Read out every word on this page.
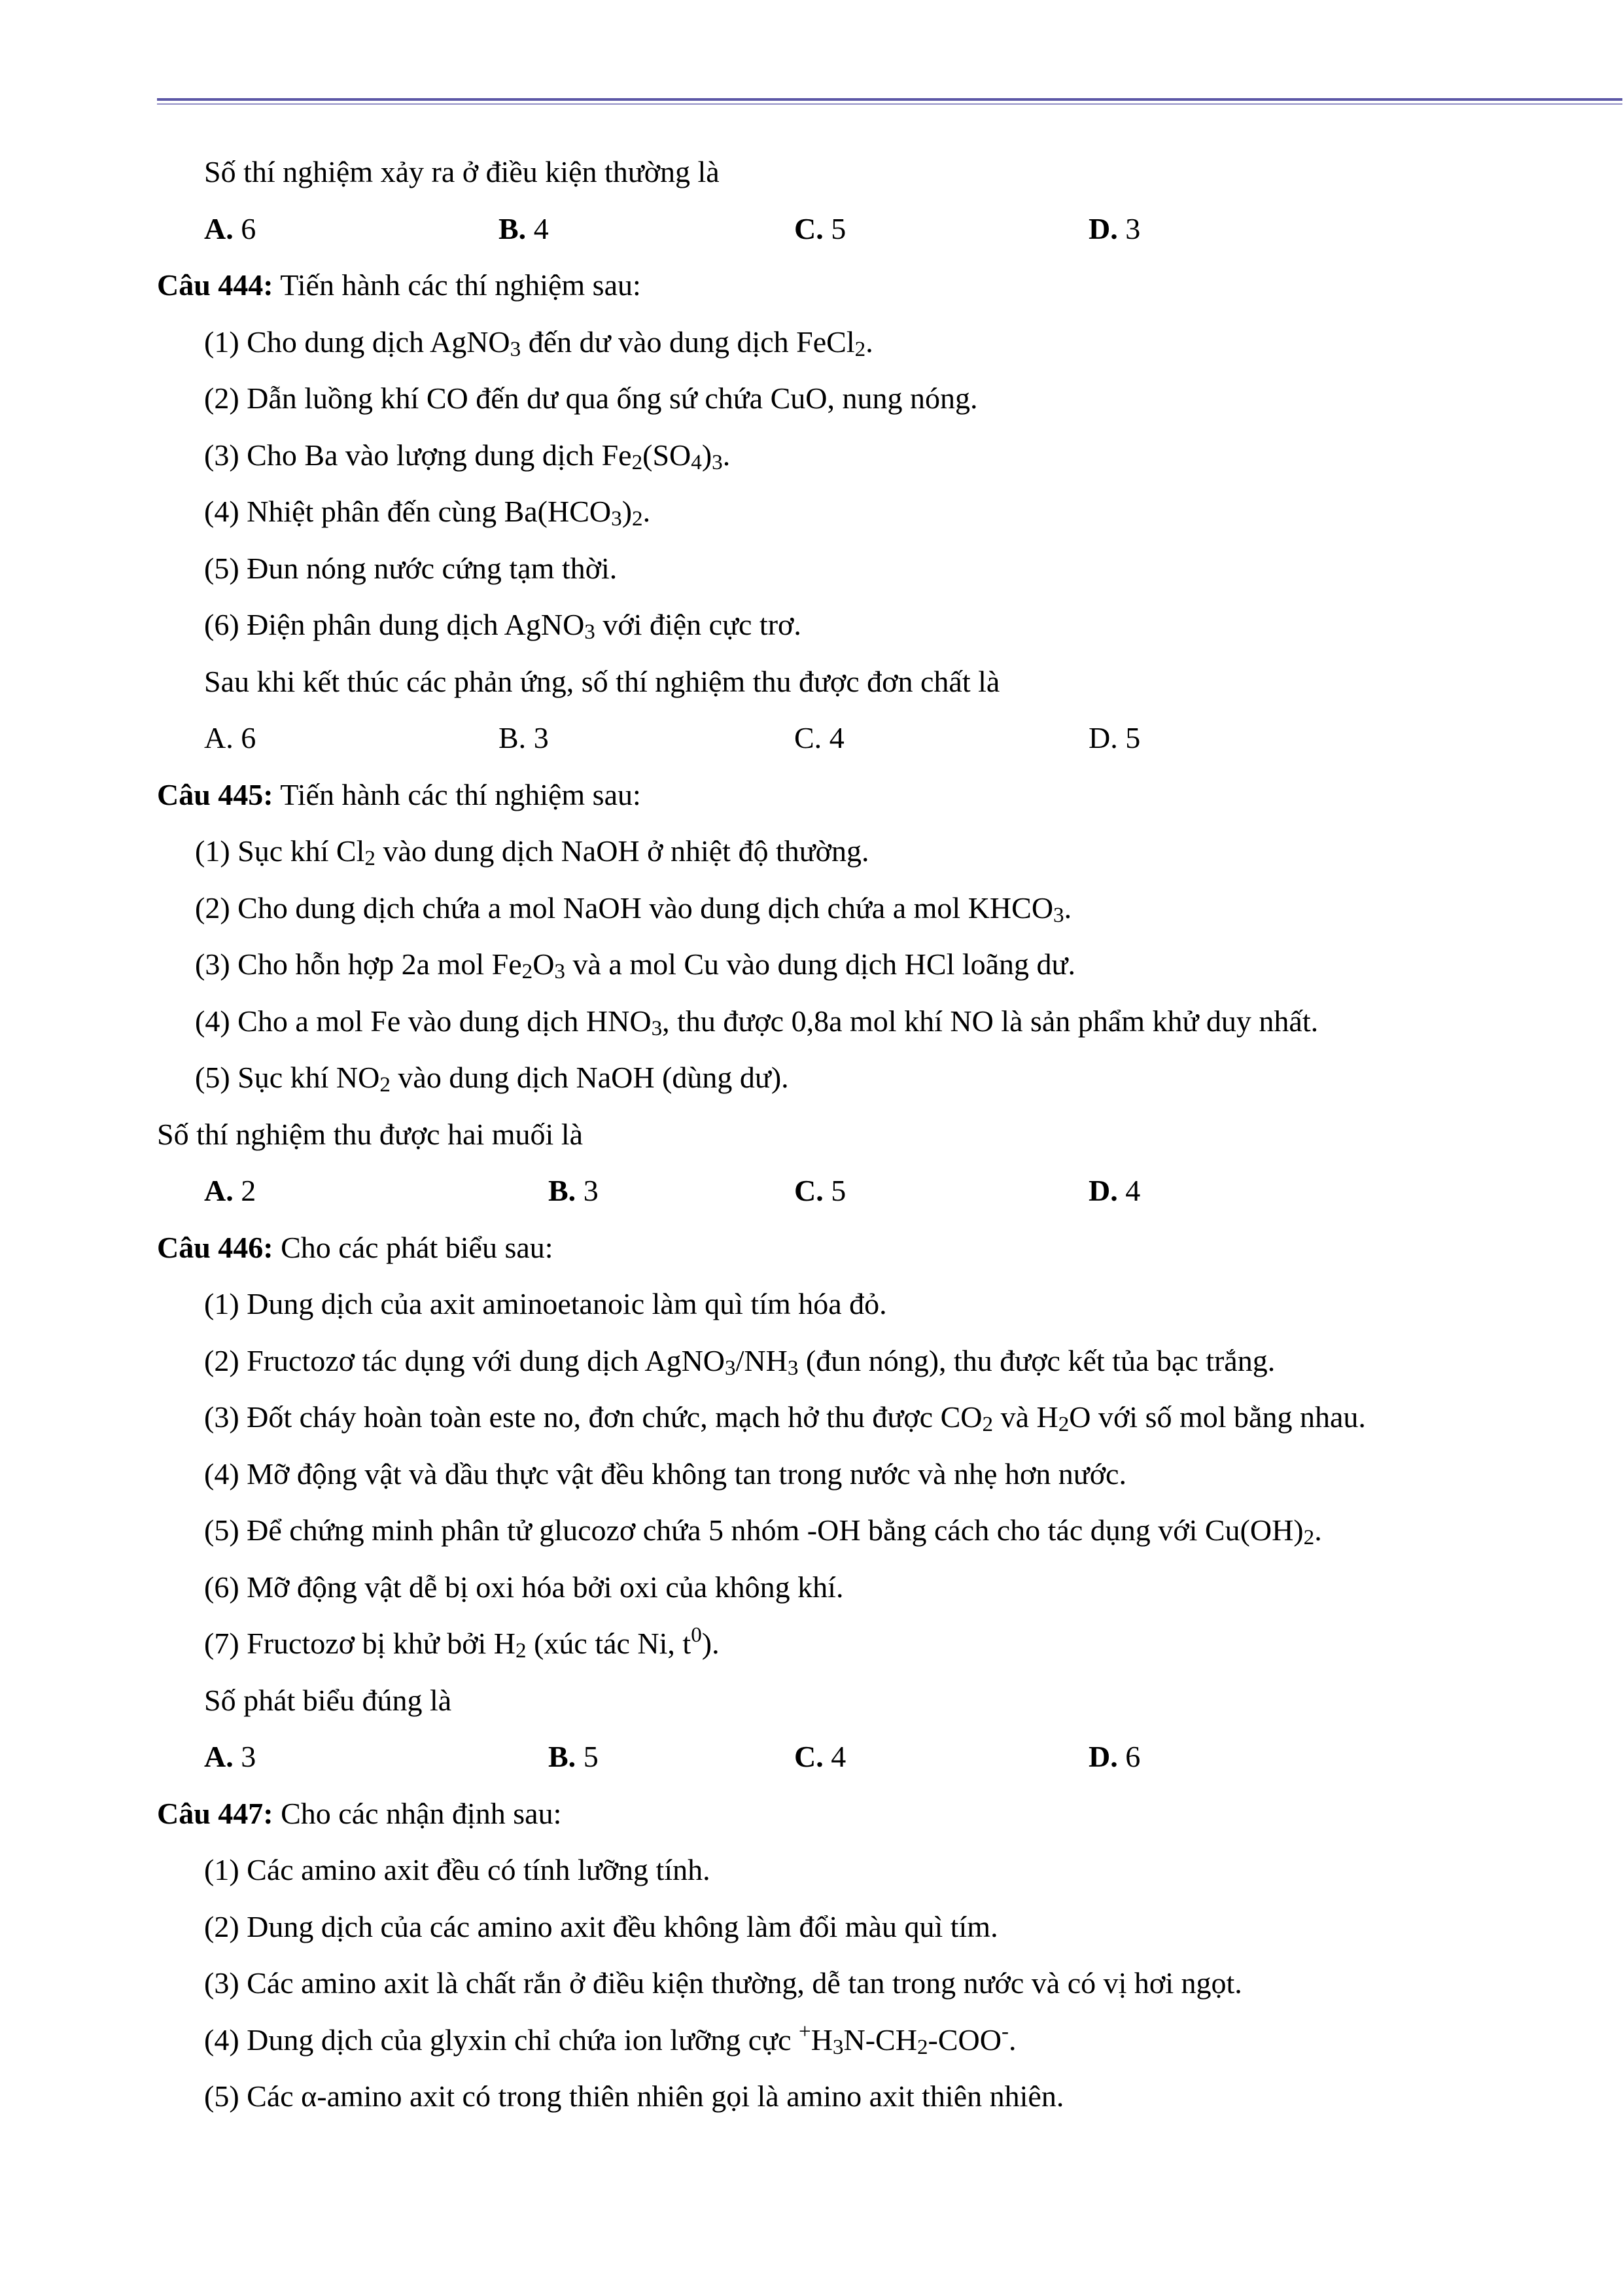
Số thí nghiệm xảy ra ở điều kiện thường là
A. 6	B. 4	C. 5	D. 3
Câu 444: Tiến hành các thí nghiệm sau:
(1) Cho dung dịch AgNO$_3$ đến dư vào dung dịch FeCl$_2$.
(2) Dẫn luồng khí CO đến dư qua ống sứ chứa CuO, nung nóng.
(3) Cho Ba vào lượng dung dịch $Fe_2(SO_4)_3$.
(4) Nhiệt phân đến cùng $Ba(HCO_3)_2$.
(5) Đun nóng nước cứng tạm thời.
(6) Điện phân dung dịch AgNO$_3$ với điện cực trơ.
Sau khi kết thúc các phản ứng, số thí nghiệm thu được đơn chất là
A. 6	B. 3	C. 4	D. 5
Câu 445: Tiến hành các thí nghiệm sau:
(1) Sục khí $Cl_2$ vào dung dịch NaOH ở nhiệt độ thường.
(2) Cho dung dịch chứa a mol NaOH vào dung dịch chứa a mol $KHCO_3$.
(3) Cho hỗn hợp 2a mol $Fe_2O_3$ và a mol Cu vào dung dịch HCl loãng dư.
(4) Cho a mol Fe vào dung dịch $HNO_3$, thu được 0,8a mol khí NO là sản phẩm khử duy nhất.
(5) Sục khí $NO_2$ vào dung dịch NaOH (dùng dư).
Số thí nghiệm thu được hai muối là
A. 2	B. 3	C. 5	D. 4
Câu 446: Cho các phát biểu sau:
(1) Dung dịch của axit aminoetanoic làm quì tím hóa đỏ.
(2) Fructozơ tác dụng với dung dịch $AgNO_3/NH_3$ (đun nóng), thu được kết tủa bạc trắng.
(3) Đốt cháy hoàn toàn este no, đơn chức, mạch hở thu được $CO_2$ và $H_2O$ với số mol bằng nhau.
(4) Mỡ động vật và dầu thực vật đều không tan trong nước và nhẹ hơn nước.
(5) Để chứng minh phân tử glucozơ chứa 5 nhóm -OH bằng cách cho tác dụng với $Cu(OH)_2$.
(6) Mỡ động vật dễ bị oxi hóa bởi oxi của không khí.
(7) Fructozơ bị khử bởi $H_2$ (xúc tác Ni, $t^0$).
Số phát biểu đúng là
A. 3	B. 5	C. 4	D. 6
Câu 447: Cho các nhận định sau:
(1) Các amino axit đều có tính lưỡng tính.
(2) Dung dịch của các amino axit đều không làm đổi màu quì tím.
(3) Các amino axit là chất rắn ở điều kiện thường, dễ tan trong nước và có vị hơi ngọt.
(4) Dung dịch của glyxin chỉ chứa ion lưỡng cực $^+H_3N-CH_2-COO^-$.
(5) Các α-amino axit có trong thiên nhiên gọi là amino axit thiên nhiên.
